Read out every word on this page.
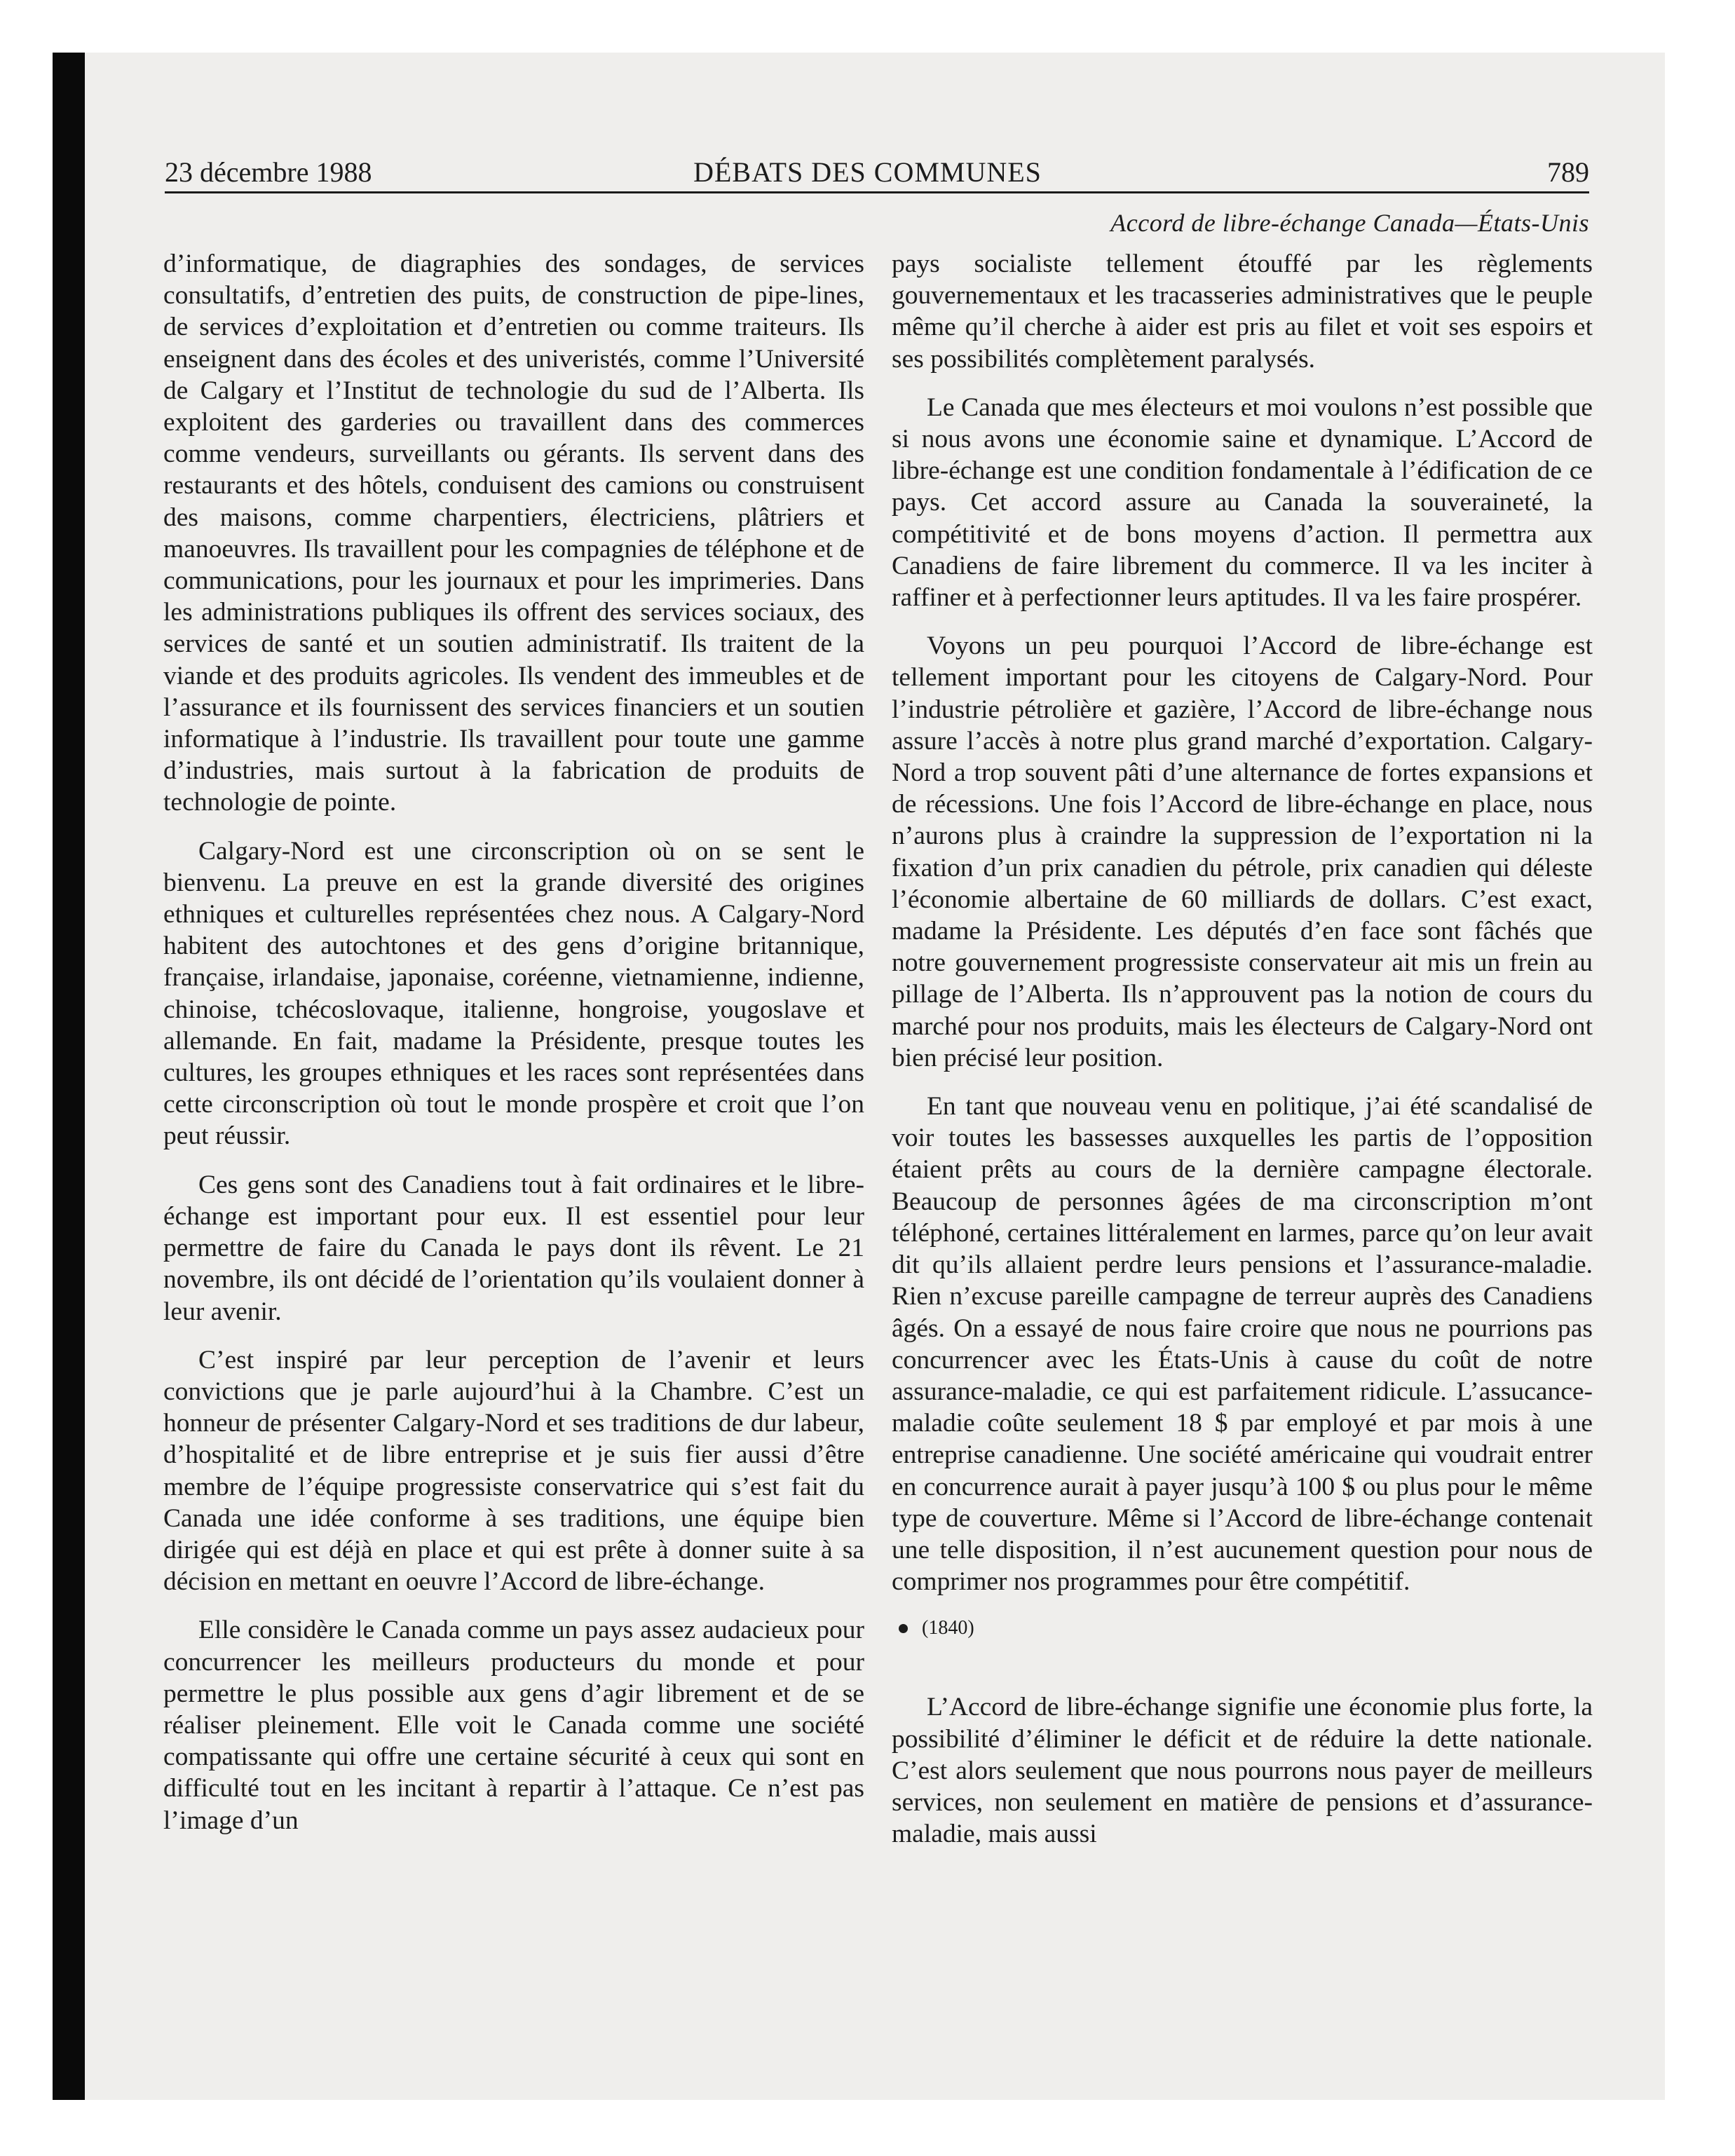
23 décembre 1988	DÉBATS DES COMMUNES	789
Accord de libre-échange Canada—États-Unis

d’informatique, de diagraphies des sondages, de services consultatifs, d’entretien des puits, de construction de pipe-lines, de services d’exploitation et d’entretien ou comme traiteurs. Ils enseignent dans des écoles et des univeristés, comme l’Université de Calgary et l’Institut de technologie du sud de l’Alberta. Ils exploitent des garderies ou travaillent dans des commerces comme vendeurs, surveillants ou gérants. Ils servent dans des restaurants et des hôtels, conduisent des camions ou construisent des maisons, comme charpentiers, électriciens, plâtriers et manoeuvres. Ils travaillent pour les compagnies de téléphone et de communications, pour les journaux et pour les imprimeries. Dans les administrations publiques ils offrent des services sociaux, des services de santé et un soutien administratif. Ils traitent de la viande et des produits agricoles. Ils vendent des immeubles et de l’assurance et ils fournissent des services financiers et un soutien informatique à l’industrie. Ils travaillent pour toute une gamme d’industries, mais surtout à la fabrication de produits de technologie de pointe.

Calgary-Nord est une circonscription où on se sent le bienvenu. La preuve en est la grande diversité des origines ethniques et culturelles représentées chez nous. A Calgary-Nord habitent des autochtones et des gens d’origine britannique, française, irlandaise, japonaise, coréenne, vietnamienne, indienne, chinoise, tchécoslovaque, italienne, hongroise, yougoslave et allemande. En fait, madame la Présidente, presque toutes les cultures, les groupes ethniques et les races sont représentées dans cette circonscription où tout le monde prospère et croit que l’on peut réussir.

Ces gens sont des Canadiens tout à fait ordinaires et le libre-échange est important pour eux. Il est essentiel pour leur permettre de faire du Canada le pays dont ils rêvent. Le 21 novembre, ils ont décidé de l’orientation qu’ils voulaient donner à leur avenir.

C’est inspiré par leur perception de l’avenir et leurs convictions que je parle aujourd’hui à la Chambre. C’est un honneur de présenter Calgary-Nord et ses traditions de dur labeur, d’hospitalité et de libre entreprise et je suis fier aussi d’être membre de l’équipe progressiste conservatrice qui s’est fait du Canada une idée conforme à ses traditions, une équipe bien dirigée qui est déjà en place et qui est prête à donner suite à sa décision en mettant en oeuvre l’Accord de libre-échange.

Elle considère le Canada comme un pays assez audacieux pour concurrencer les meilleurs producteurs du monde et pour permettre le plus possible aux gens d’agir librement et de se réaliser pleinement. Elle voit le Canada comme une société compatissante qui offre une certaine sécurité à ceux qui sont en difficulté tout en les incitant à repartir à l’attaque. Ce n’est pas l’image d’un

pays socialiste tellement étouffé par les règlements gouvernementaux et les tracasseries administratives que le peuple même qu’il cherche à aider est pris au filet et voit ses espoirs et ses possibilités complètement paralysés.

Le Canada que mes électeurs et moi voulons n’est possible que si nous avons une économie saine et dynamique. L’Accord de libre-échange est une condition fondamentale à l’édification de ce pays. Cet accord assure au Canada la souveraineté, la compétitivité et de bons moyens d’action. Il permettra aux Canadiens de faire librement du commerce. Il va les inciter à raffiner et à perfectionner leurs aptitudes. Il va les faire prospérer.

Voyons un peu pourquoi l’Accord de libre-échange est tellement important pour les citoyens de Calgary-Nord. Pour l’industrie pétrolière et gazière, l’Accord de libre-échange nous assure l’accès à notre plus grand marché d’exportation. Calgary-Nord a trop souvent pâti d’une alternance de fortes expansions et de récessions. Une fois l’Accord de libre-échange en place, nous n’aurons plus à craindre la suppression de l’exportation ni la fixation d’un prix canadien du pétrole, prix canadien qui déleste l’économie albertaine de 60 milliards de dollars. C’est exact, madame la Présidente. Les députés d’en face sont fâchés que notre gouvernement progressiste conservateur ait mis un frein au pillage de l’Alberta. Ils n’approuvent pas la notion de cours du marché pour nos produits, mais les électeurs de Calgary-Nord ont bien précisé leur position.

En tant que nouveau venu en politique, j’ai été scandalisé de voir toutes les bassesses auxquelles les partis de l’opposition étaient prêts au cours de la dernière campagne électorale. Beaucoup de personnes âgées de ma circonscription m’ont téléphoné, certaines littéralement en larmes, parce qu’on leur avait dit qu’ils allaient perdre leurs pensions et l’assurance-maladie. Rien n’excuse pareille campagne de terreur auprès des Canadiens âgés. On a essayé de nous faire croire que nous ne pourrions pas concurrencer avec les États-Unis à cause du coût de notre assurance-maladie, ce qui est parfaitement ridicule. L’assucance-maladie coûte seulement 18 $ par employé et par mois à une entreprise canadienne. Une société américaine qui voudrait entrer en concurrence aurait à payer jusqu’à 100 $ ou plus pour le même type de couverture. Même si l’Accord de libre-échange contenait une telle disposition, il n’est aucunement question pour nous de comprimer nos programmes pour être compétitif.

(1840)

L’Accord de libre-échange signifie une économie plus forte, la possibilité d’éliminer le déficit et de réduire la dette nationale. C’est alors seulement que nous pourrons nous payer de meilleurs services, non seulement en matière de pensions et d’assurance-maladie, mais aussi
